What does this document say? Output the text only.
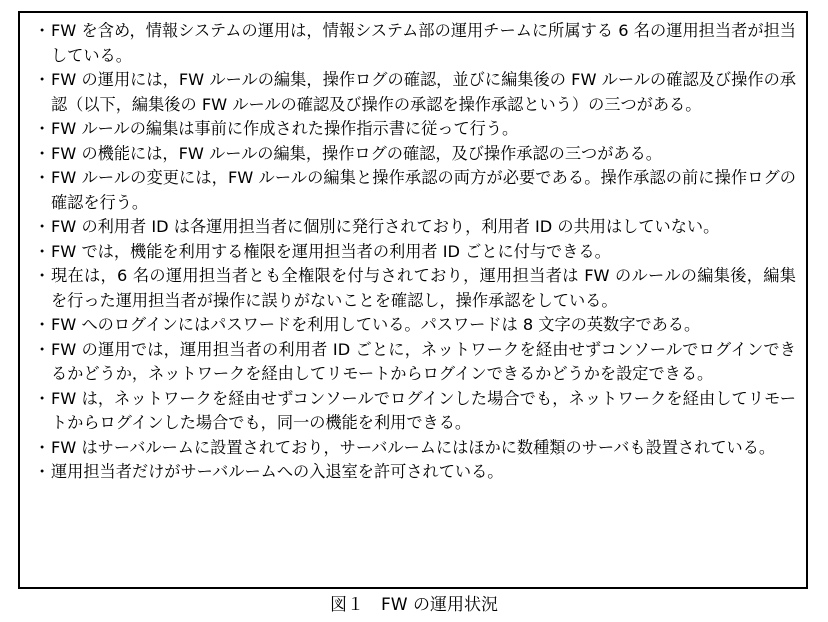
・ FW を含め，情報システムの運用は，情報システム部の運用チームに所属する 6 名の運用担当者が担当している。
・ FW の運用には，FW ルールの編集，操作ログの確認，並びに編集後の FW ルールの確認及び操作の承認（以下，編集後の FW ルールの確認及び操作の承認を操作承認という）の三つがある。
・ FW ルールの編集は事前に作成された操作指示書に従って行う。
・ FW の機能には，FW ルールの編集，操作ログの確認，及び操作承認の三つがある。
・ FW ルールの変更には，FW ルールの編集と操作承認の両方が必要である。操作承認の前に操作ログの確認を行う。
・ FW の利用者 ID は各運用担当者に個別に発行されており，利用者 ID の共用はしていない。
・ FW では，機能を利用する権限を運用担当者の利用者 ID ごとに付与できる。
・ 現在は，6 名の運用担当者とも全権限を付与されており，運用担当者は FW のルールの編集後，編集を行った運用担当者が操作に誤りがないことを確認し，操作承認をしている。
・ FW へのログインにはパスワードを利用している。パスワードは 8 文字の英数字である。
・ FW の運用では，運用担当者の利用者 ID ごとに，ネットワークを経由せずコンソールでログインできるかどうか，ネットワークを経由してリモートからログインできるかどうかを設定できる。
・ FW は，ネットワークを経由せずコンソールでログインした場合でも，ネットワークを経由してリモートからログインした場合でも，同一の機能を利用できる。
・ FW はサーバルームに設置されており，サーバルームにはほかに数種類のサーバも設置されている。
・ 運用担当者だけがサーバルームへの入退室を許可されている。
図１　FW の運用状況
